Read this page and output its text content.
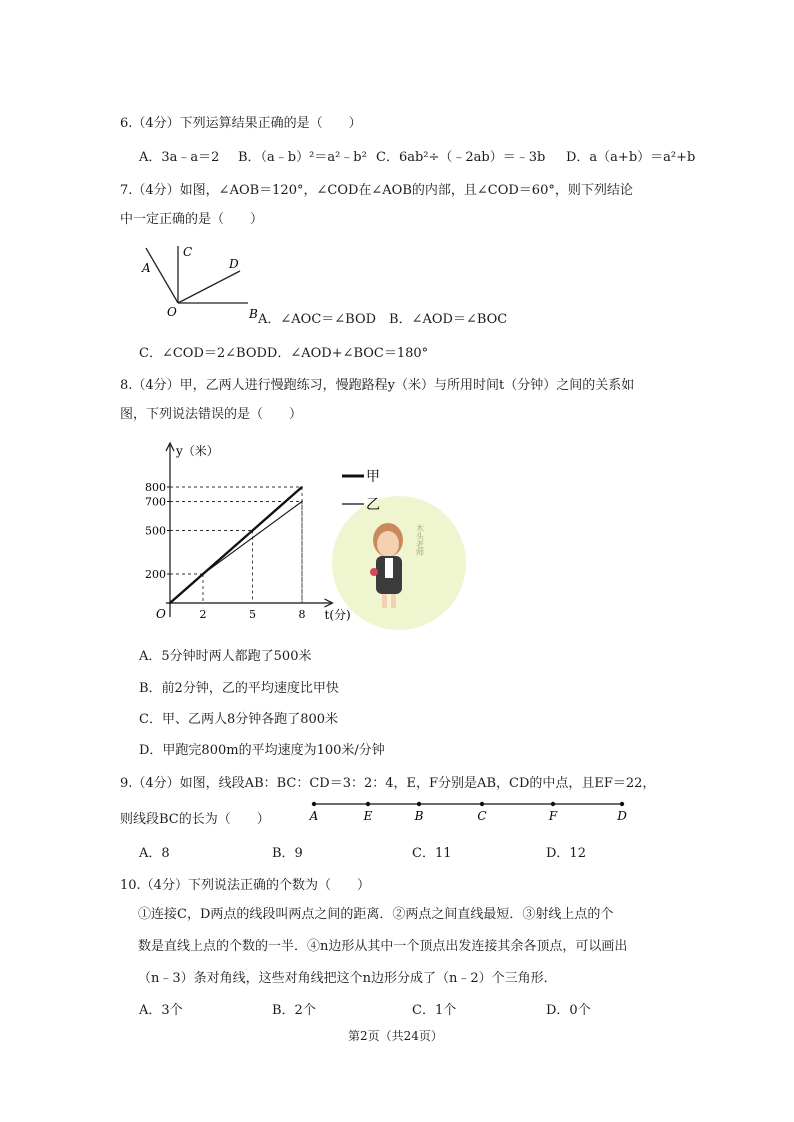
6.（4分）下列运算结果正确的是（　　）
A．3a﹣a＝2 B．（a﹣b）²＝a²﹣b² C．6ab²÷（﹣2ab）＝﹣3b D．a（a+b）＝a²+b
7.（4分）如图，∠AOB＝120°，∠COD在∠AOB的内部，且∠COD＝60°，则下列结论
中一定正确的是（　　）
A
C
D
O	B A．∠AOC＝∠BOD　B．∠AOD＝∠BOC
C．∠COD＝2∠BODD．∠AOD+∠BOC＝180°
8.（4分）甲，乙两人进行慢跑练习，慢跑路程y（米）与所用时间t（分钟）之间的关系如
图，下列说法错误的是（　　）
木头老师
200
500
700
800
2	5	8
O
y（米）
t(分)
甲
乙
A．5分钟时两人都跑了500米
B．前2分钟，乙的平均速度比甲快
C．甲、乙两人8分钟各跑了800米
D．甲跑完800m的平均速度为100米/分钟
9.（4分）如图，线段AB：BC：CD＝3：2：4，E，F分别是AB，CD的中点，且EF＝22，
则线段BC的长为（　　）	A	E	B	C	F	D
A．8	B．9	C．11	D．12
10.（4分）下列说法正确的个数为（　　）
①连接C，D两点的线段叫两点之间的距离．②两点之间直线最短．③射线上点的个
数是直线上点的个数的一半．④n边形从其中一个顶点出发连接其余各顶点，可以画出
（n﹣3）条对角线，这些对角线把这个n边形分成了（n﹣2）个三角形．
A．3个	B．2个	C．1个	D．0个
第2页（共24页）
